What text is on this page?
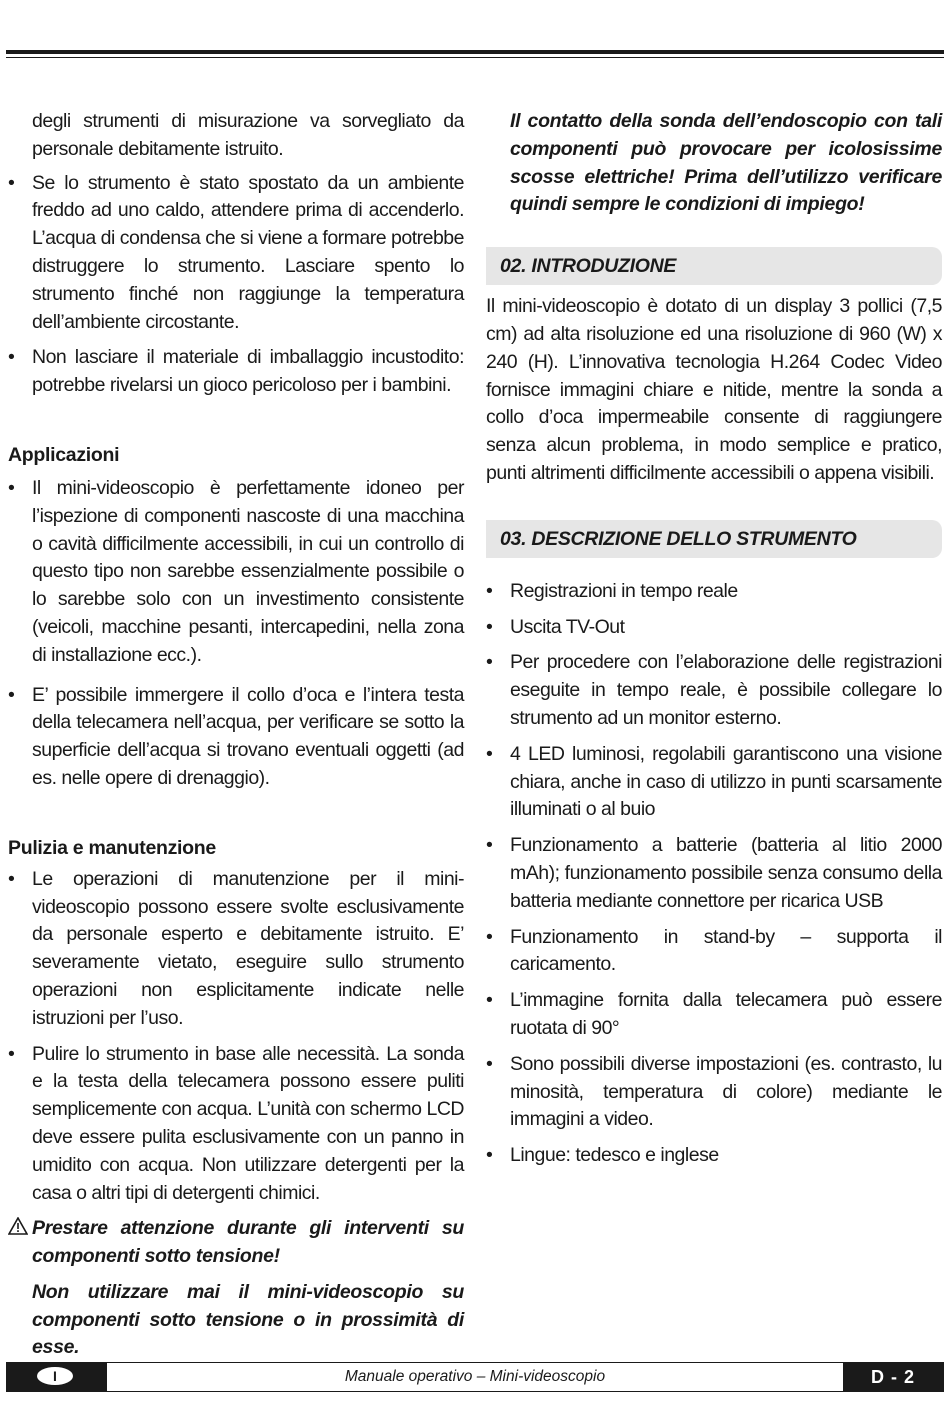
degli strumenti di misurazione va sorvegliato da personale debitamente istruito.

• Se lo strumento è stato spostato da un ambiente freddo ad uno caldo, attendere prima di accenderlo. L’acqua di condensa che si viene a formare potrebbe distruggere lo strumento. Lasciare spento lo strumento finché non raggiunge la temperatura dell’ambiente circostante.
• Non lasciare il materiale di imballaggio incustodito: potrebbe rivelarsi un gioco pericoloso per i bambini.
Applicazioni
• Il mini-videoscopio è perfettamente idoneo per l’ispezione di componenti nascoste di una macchina o cavità difficilmente accessibili, in cui un controllo di questo tipo non sarebbe essenzialmente possibile o lo sarebbe solo con un investimento consistente (veicoli, macchine pesanti, intercapedini, nella zona di installazione ecc.).
• E’ possibile immergere il collo d’oca e l’intera testa della telecamera nell’acqua, per verificare se sotto la superficie dell’acqua si trovano eventuali oggetti (ad es. nelle opere di drenaggio).
Pulizia e manutenzione
• Le operazioni di manutenzione per il mini-videoscopio possono essere svolte esclusivamente da personale esperto e debitamente istruito. E’ severamente vietato, eseguire sullo strumento operazioni non esplicitamente indicate nelle istruzioni per l’uso.
• Pulire lo strumento in base alle necessità. La sonda e la testa della telecamera possono essere puliti semplicemente con acqua. L’unità con schermo LCD deve essere pulita esclusivamente con un panno in umidito con acqua. Non utilizzare detergenti per la casa o altri tipi di detergenti chimici.

Prestare attenzione durante gli interventi su componenti sotto tensione!

Non utilizzare mai il mini-videoscopio su componenti sotto tensione o in prossimità di esse.

Il contatto della sonda dell’endoscopio con tali componenti può provocare per icolosissime scosse elettriche! Prima dell’utilizzo verificare quindi sempre le condizioni di impiego!

02. INTRODUZIONE

Il mini-videoscopio è dotato di un display 3 pollici (7,5 cm) ad alta risoluzione ed una risoluzione di 960 (W) x 240 (H). L’innovativa tecnologia H.264 Codec Video fornisce immagini chiare e nitide, mentre la sonda a collo d’oca impermeabile consente di raggiungere senza alcun problema, in modo semplice e pratico, punti altrimenti difficilmente accessibili o appena visibili.

03. DESCRIZIONE DELLO STRUMENTO
• Registrazioni in tempo reale
• Uscita TV-Out
• Per procedere con l’elaborazione delle registrazioni eseguite in tempo reale, è possibile collegare lo strumento ad un monitor esterno.
• 4 LED luminosi, regolabili garantiscono una visione chiara, anche in caso di utilizzo in punti scarsamente illuminati o al buio
• Funzionamento a batterie (batteria al litio 2000 mAh); funzionamento possibile senza consumo della batteria mediante connettore per ricarica USB
• Funzionamento in stand-by – supporta il caricamento.
• L’immagine fornita dalla telecamera può essere ruotata di 90°
• Sono possibili diverse impostazioni (es. contrasto, lu minosità, temperatura di colore) mediante le immagini a video.
• Lingue: tedesco e inglese
I	Manuale operativo – Mini-videoscopio	D - 2
